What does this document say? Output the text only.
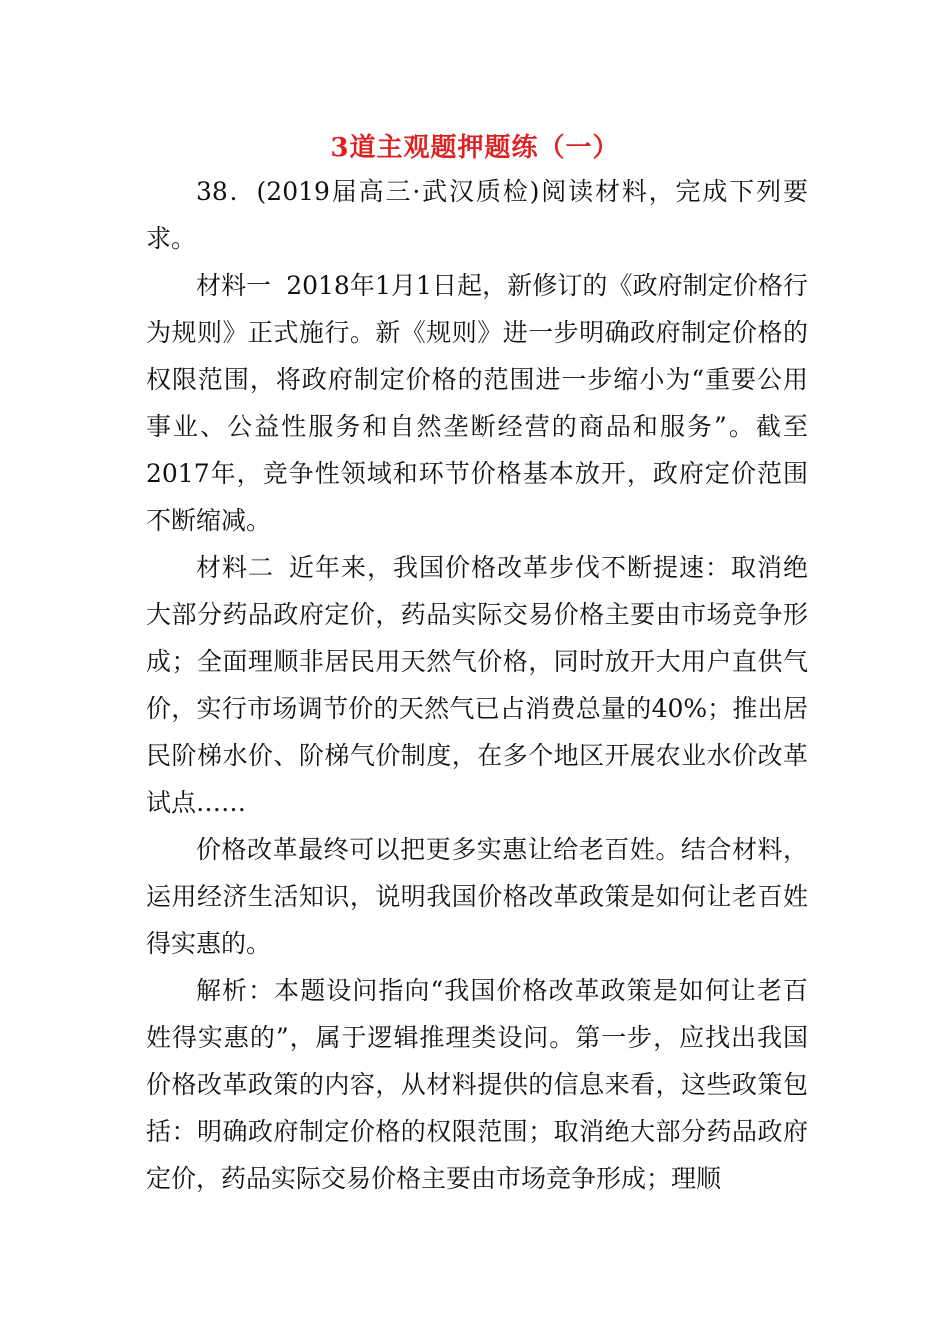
3道主观题押题练（一）

38．(2019届高三·武汉质检)阅读材料，完成下列要求。

材料一 2018年1月1日起，新修订的《政府制定价格行为规则》正式施行。新《规则》进一步明确政府制定价格的权限范围，将政府制定价格的范围进一步缩小为“重要公用事业、公益性服务和自然垄断经营的商品和服务”。截至2017年，竞争性领域和环节价格基本放开，政府定价范围不断缩减。

材料二 近年来，我国价格改革步伐不断提速：取消绝大部分药品政府定价，药品实际交易价格主要由市场竞争形成；全面理顺非居民用天然气价格，同时放开大用户直供气价，实行市场调节价的天然气已占消费总量的40%；推出居民阶梯水价、阶梯气价制度，在多个地区开展农业水价改革试点……

价格改革最终可以把更多实惠让给老百姓。结合材料，运用经济生活知识，说明我国价格改革政策是如何让老百姓得实惠的。

解析：本题设问指向“我国价格改革政策是如何让老百姓得实惠的”，属于逻辑推理类设问。第一步，应找出我国价格改革政策的内容，从材料提供的信息来看，这些政策包括：明确政府制定价格的权限范围；取消绝大部分药品政府定价，药品实际交易价格主要由市场竞争形成；理顺
